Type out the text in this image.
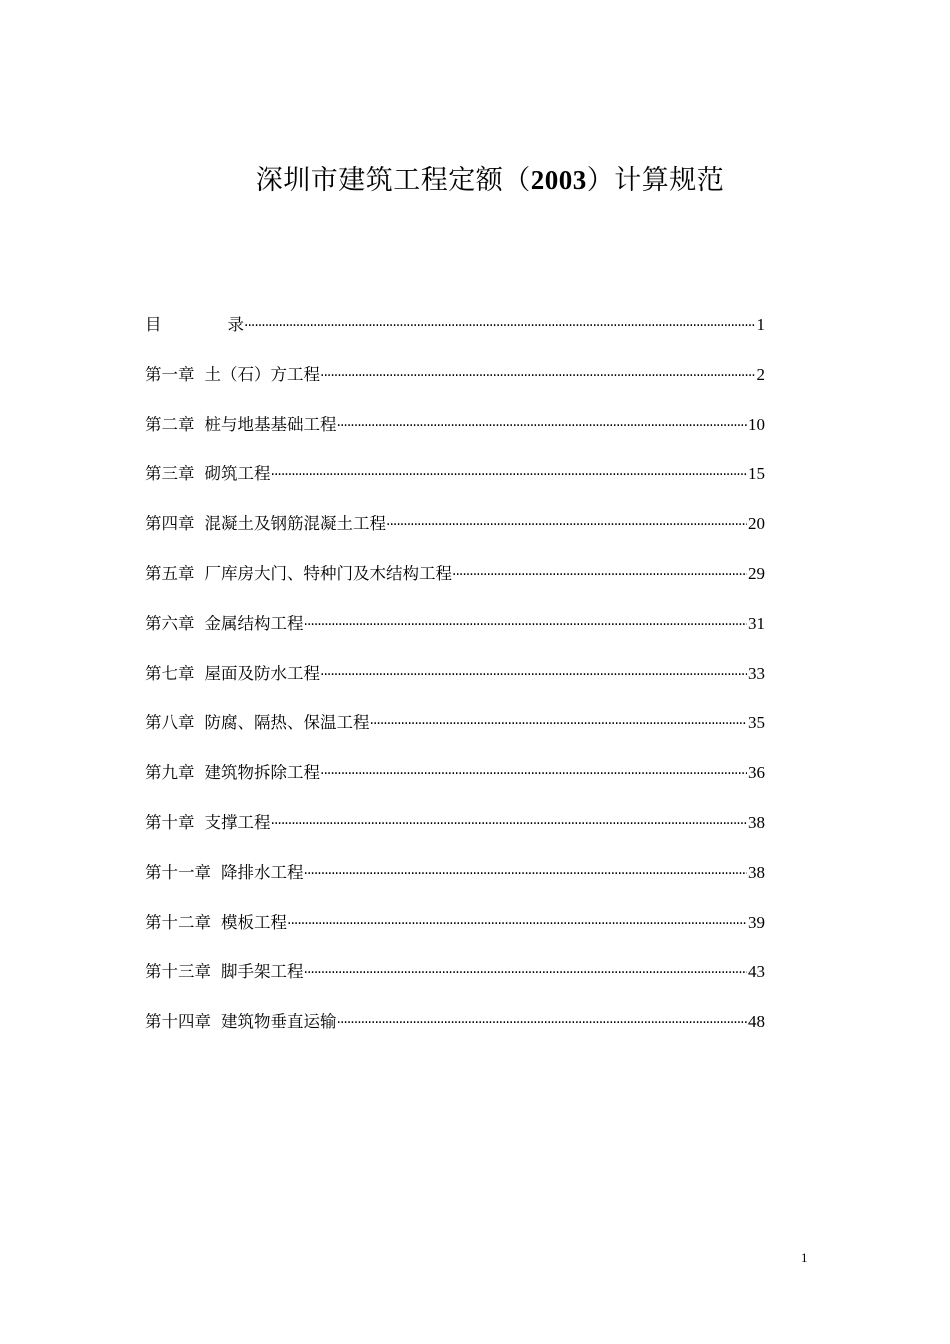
深圳市建筑工程定额（2003）计算规范
目	录 ·····	1
第一章 土（石）方工程 ·····	2
第二章 桩与地基基础工程 ·····	10
第三章 砌筑工程 ·····	15
第四章 混凝土及钢筋混凝土工程 ·····	20
第五章 厂库房大门、特种门及木结构工程 ·····	29
第六章 金属结构工程 ·····	31
第七章 屋面及防水工程 ·····	33
第八章 防腐、隔热、保温工程 ·····	35
第九章 建筑物拆除工程 ·····	36
第十章 支撑工程 ·····	38
第十一章 降排水工程 ·····	38
第十二章 模板工程 ·····	39
第十三章 脚手架工程 ·····	43
第十四章 建筑物垂直运输 ·····	48
1
